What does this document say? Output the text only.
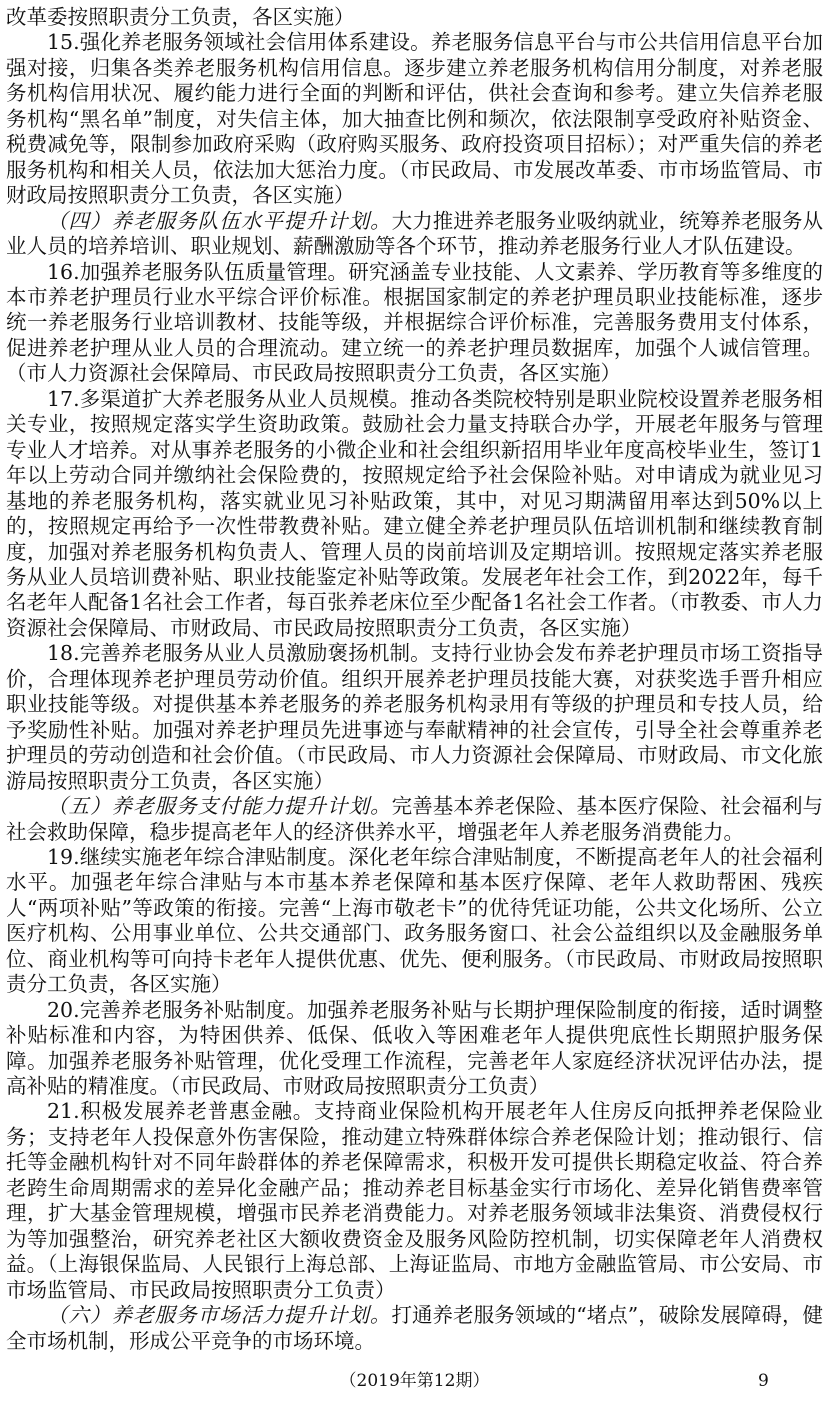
改革委按照职责分工负责，各区实施）

15.强化养老服务领域社会信用体系建设。养老服务信息平台与市公共信用信息平台加强对接，归集各类养老服务机构信用信息。逐步建立养老服务机构信用分制度，对养老服务机构信用状况、履约能力进行全面的判断和评估，供社会查询和参考。建立失信养老服务机构“黑名单”制度，对失信主体，加大抽查比例和频次，依法限制享受政府补贴资金、税费减免等，限制参加政府采购（政府购买服务、政府投资项目招标）；对严重失信的养老服务机构和相关人员，依法加大惩治力度。（市民政局、市发展改革委、市市场监管局、市财政局按照职责分工负责，各区实施）

（四）养老服务队伍水平提升计划。大力推进养老服务业吸纳就业，统筹养老服务从业人员的培养培训、职业规划、薪酬激励等各个环节，推动养老服务行业人才队伍建设。

16.加强养老服务队伍质量管理。研究涵盖专业技能、人文素养、学历教育等多维度的本市养老护理员行业水平综合评价标准。根据国家制定的养老护理员职业技能标准，逐步统一养老服务行业培训教材、技能等级，并根据综合评价标准，完善服务费用支付体系，促进养老护理从业人员的合理流动。建立统一的养老护理员数据库，加强个人诚信管理。（市人力资源社会保障局、市民政局按照职责分工负责，各区实施）

17.多渠道扩大养老服务从业人员规模。推动各类院校特别是职业院校设置养老服务相关专业，按照规定落实学生资助政策。鼓励社会力量支持联合办学，开展老年服务与管理专业人才培养。对从事养老服务的小微企业和社会组织新招用毕业年度高校毕业生，签订1年以上劳动合同并缴纳社会保险费的，按照规定给予社会保险补贴。对申请成为就业见习基地的养老服务机构，落实就业见习补贴政策，其中，对见习期满留用率达到50%以上的，按照规定再给予一次性带教费补贴。建立健全养老护理员队伍培训机制和继续教育制度，加强对养老服务机构负责人、管理人员的岗前培训及定期培训。按照规定落实养老服务从业人员培训费补贴、职业技能鉴定补贴等政策。发展老年社会工作，到2022年，每千名老年人配备1名社会工作者，每百张养老床位至少配备1名社会工作者。（市教委、市人力资源社会保障局、市财政局、市民政局按照职责分工负责，各区实施）

18.完善养老服务从业人员激励褒扬机制。支持行业协会发布养老护理员市场工资指导价，合理体现养老护理员劳动价值。组织开展养老护理员技能大赛，对获奖选手晋升相应职业技能等级。对提供基本养老服务的养老服务机构录用有等级的护理员和专技人员，给予奖励性补贴。加强对养老护理员先进事迹与奉献精神的社会宣传，引导全社会尊重养老护理员的劳动创造和社会价值。（市民政局、市人力资源社会保障局、市财政局、市文化旅游局按照职责分工负责，各区实施）

（五）养老服务支付能力提升计划。完善基本养老保险、基本医疗保险、社会福利与社会救助保障，稳步提高老年人的经济供养水平，增强老年人养老服务消费能力。

19.继续实施老年综合津贴制度。深化老年综合津贴制度，不断提高老年人的社会福利水平。加强老年综合津贴与本市基本养老保障和基本医疗保障、老年人救助帮困、残疾人“两项补贴”等政策的衔接。完善“上海市敬老卡”的优待凭证功能，公共文化场所、公立医疗机构、公用事业单位、公共交通部门、政务服务窗口、社会公益组织以及金融服务单位、商业机构等可向持卡老年人提供优惠、优先、便利服务。（市民政局、市财政局按照职责分工负责，各区实施）

20.完善养老服务补贴制度。加强养老服务补贴与长期护理保险制度的衔接，适时调整补贴标准和内容，为特困供养、低保、低收入等困难老年人提供兜底性长期照护服务保障。加强养老服务补贴管理，优化受理工作流程，完善老年人家庭经济状况评估办法，提高补贴的精准度。（市民政局、市财政局按照职责分工负责）

21.积极发展养老普惠金融。支持商业保险机构开展老年人住房反向抵押养老保险业务；支持老年人投保意外伤害保险，推动建立特殊群体综合养老保险计划；推动银行、信托等金融机构针对不同年龄群体的养老保障需求，积极开发可提供长期稳定收益、符合养老跨生命周期需求的差异化金融产品；推动养老目标基金实行市场化、差异化销售费率管理，扩大基金管理规模，增强市民养老消费能力。对养老服务领域非法集资、消费侵权行为等加强整治，研究养老社区大额收费资金及服务风险防控机制，切实保障老年人消费权益。（上海银保监局、人民银行上海总部、上海证监局、市地方金融监管局、市公安局、市市场监管局、市民政局按照职责分工负责）

（六）养老服务市场活力提升计划。打通养老服务领域的“堵点”，破除发展障碍，健全市场机制，形成公平竞争的市场环境。

（2019年第12期）	9
